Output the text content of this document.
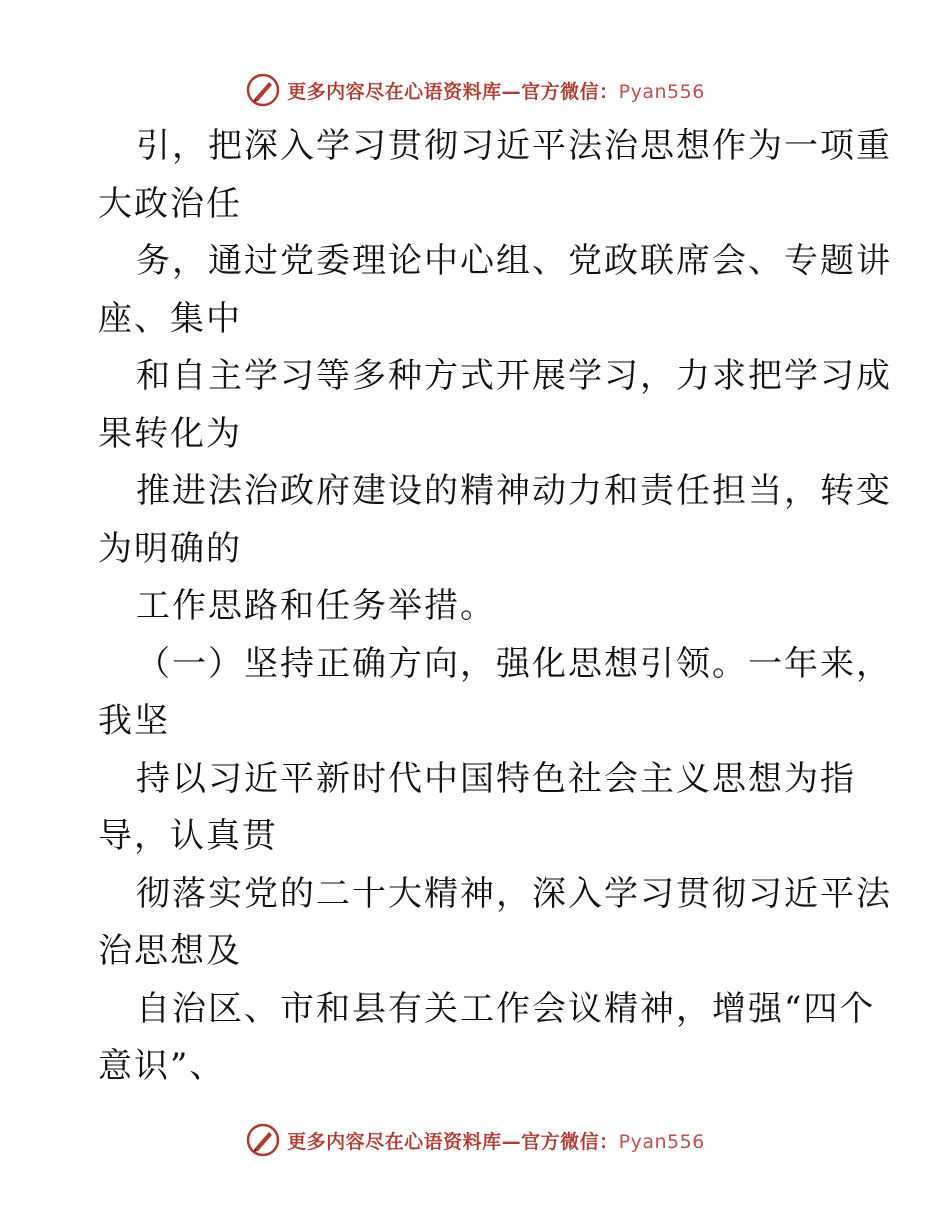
更多内容尽在心语资料库—官方微信：Pyan556
引，把深入学习贯彻习近平法治思想作为一项重
大政治任
务，通过党委理论中心组、党政联席会、专题讲
座、集中
和自主学习等多种方式开展学习，力求把学习成
果转化为
推进法治政府建设的精神动力和责任担当，转变
为明确的
工作思路和任务举措。
（一）坚持正确方向，强化思想引领。一年来，
我坚
持以习近平新时代中国特色社会主义思想为指
导，认真贯
彻落实党的二十大精神，深入学习贯彻习近平法
治思想及
自治区、市和县有关工作会议精神，增强“四个
意识”、
更多内容尽在心语资料库—官方微信：Pyan556
